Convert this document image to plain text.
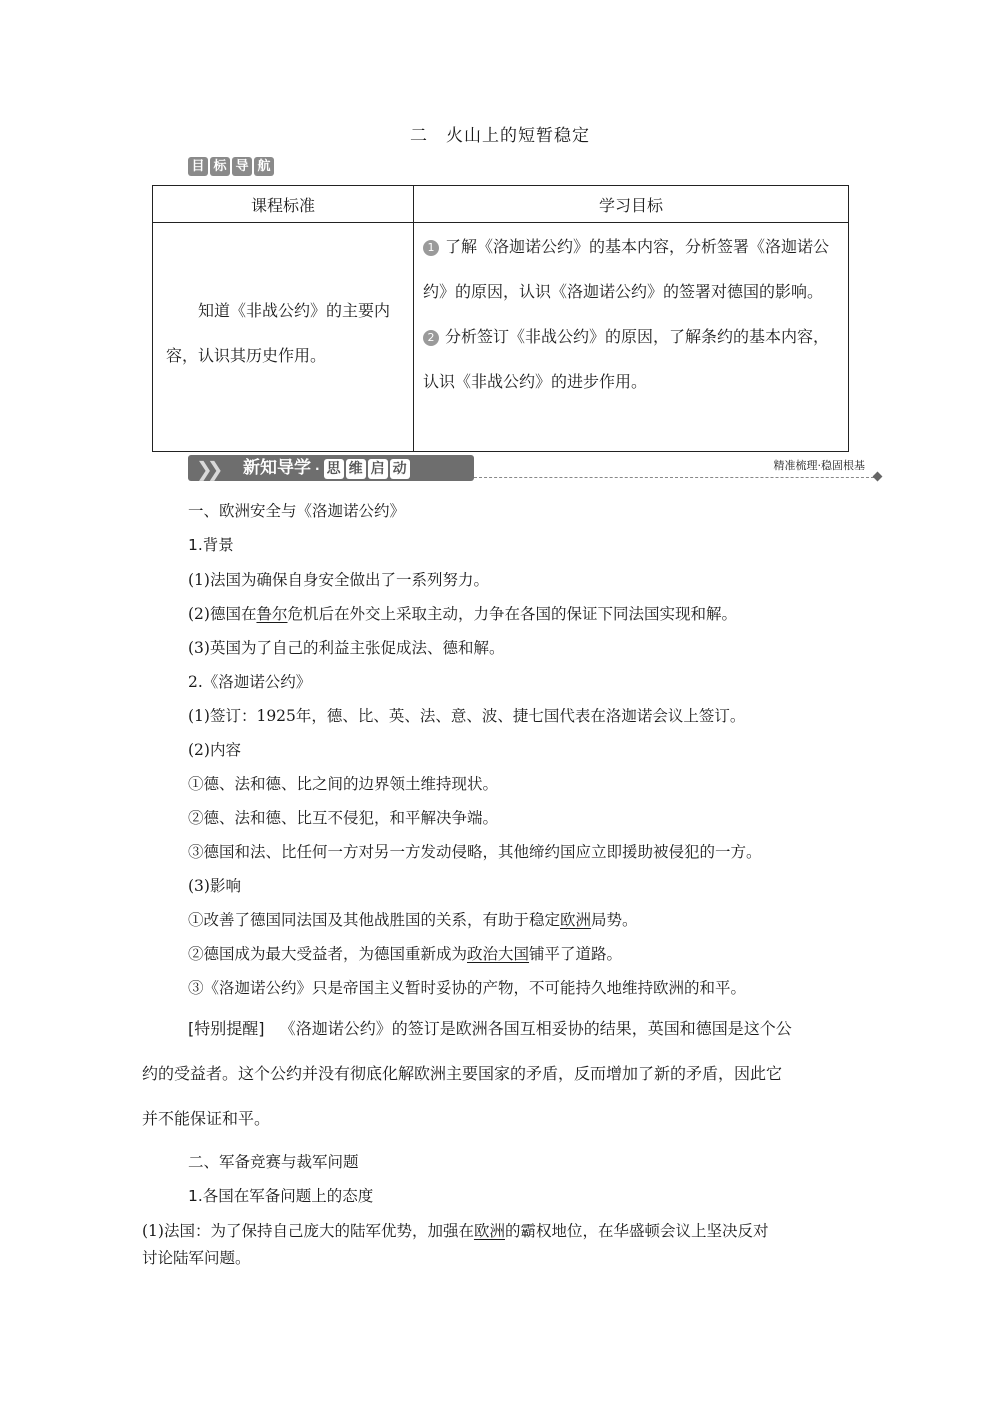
二　火山上的短暂稳定
目 标 导 航
课程标准	学习目标

知道《非战公约》的主要内容，认识其历史作用。	1 了解《洛迦诺公约》的基本内容，分析签署《洛迦诺公约》的原因，认识《洛迦诺公约》的签署对德国的影响。
2 分析签订《非战公约》的原因，了解条约的基本内容，认识《非战公约》的进步作用。
❯❯ 新知导学 · 思 维 启 动	精准梳理·稳固根基
一、欧洲安全与《洛迦诺公约》
1.背景
(1)法国为确保自身安全做出了一系列努力。
(2)德国在鲁尔危机后在外交上采取主动，力争在各国的保证下同法国实现和解。
(3)英国为了自己的利益主张促成法、德和解。
2.《洛迦诺公约》
(1)签订：1925年，德、比、英、法、意、波、捷七国代表在洛迦诺会议上签订。
(2)内容
①德、法和德、比之间的边界领土维持现状。
②德、法和德、比互不侵犯，和平解决争端。
③德国和法、比任何一方对另一方发动侵略，其他缔约国应立即援助被侵犯的一方。
(3)影响
①改善了德国同法国及其他战胜国的关系，有助于稳定欧洲局势。
②德国成为最大受益者，为德国重新成为政治大国铺平了道路。
③《洛迦诺公约》只是帝国主义暂时妥协的产物，不可能持久地维持欧洲的和平。
[特别提醒] 《洛迦诺公约》的签订是欧洲各国互相妥协的结果，英国和德国是这个公
约的受益者。这个公约并没有彻底化解欧洲主要国家的矛盾，反而增加了新的矛盾，因此它
并不能保证和平。
二、军备竞赛与裁军问题
1.各国在军备问题上的态度
(1)法国：为了保持自己庞大的陆军优势，加强在欧洲的霸权地位，在华盛顿会议上坚决反对
讨论陆军问题。
